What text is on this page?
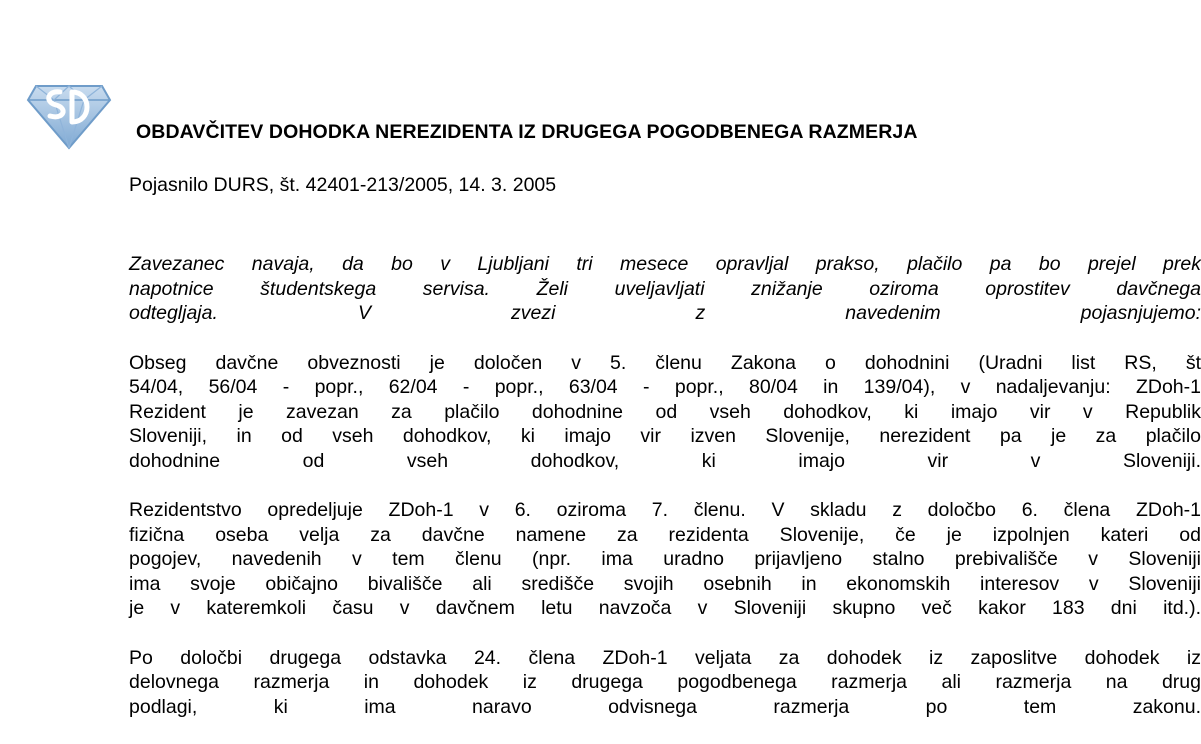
OBDAVČITEV DOHODKA NEREZIDENTA IZ DRUGEGA POGODBENEGA RAZMERJA

Pojasnilo DURS, št. 42401-213/2005, 14. 3. 2005

Zavezanec navaja, da bo v Ljubljani tri mesece opravljal prakso, plačilo pa bo prejel prek
napotnice študentskega servisa. Želi uveljavljati znižanje oziroma oprostitev davčnega
odtegljaja. V zvezi z navedenim pojasnjujemo:

Obseg davčne obveznosti je določen v 5. členu Zakona o dohodnini (Uradni list RS, št
54/04, 56/04 - popr., 62/04 - popr., 63/04 - popr., 80/04 in 139/04), v nadaljevanju: ZDoh-1
Rezident je zavezan za plačilo dohodnine od vseh dohodkov, ki imajo vir v Republik
Sloveniji, in od vseh dohodkov, ki imajo vir izven Slovenije, nerezident pa je za plačilo
dohodnine od vseh dohodkov, ki imajo vir v Sloveniji.

Rezidentstvo opredeljuje ZDoh-1 v 6. oziroma 7. členu. V skladu z določbo 6. člena ZDoh-1
fizična oseba velja za davčne namene za rezidenta Slovenije, če je izpolnjen kateri od
pogojev, navedenih v tem členu (npr. ima uradno prijavljeno stalno prebivališče v Sloveniji
ima svoje običajno bivališče ali središče svojih osebnih in ekonomskih interesov v Sloveniji
je v kateremkoli času v davčnem letu navzoča v Sloveniji skupno več kakor 183 dni itd.).

Po določbi drugega odstavka 24. člena ZDoh-1 veljata za dohodek iz zaposlitve dohodek iz
delovnega razmerja in dohodek iz drugega pogodbenega razmerja ali razmerja na drug
podlagi, ki ima naravo odvisnega razmerja po tem zakonu.
